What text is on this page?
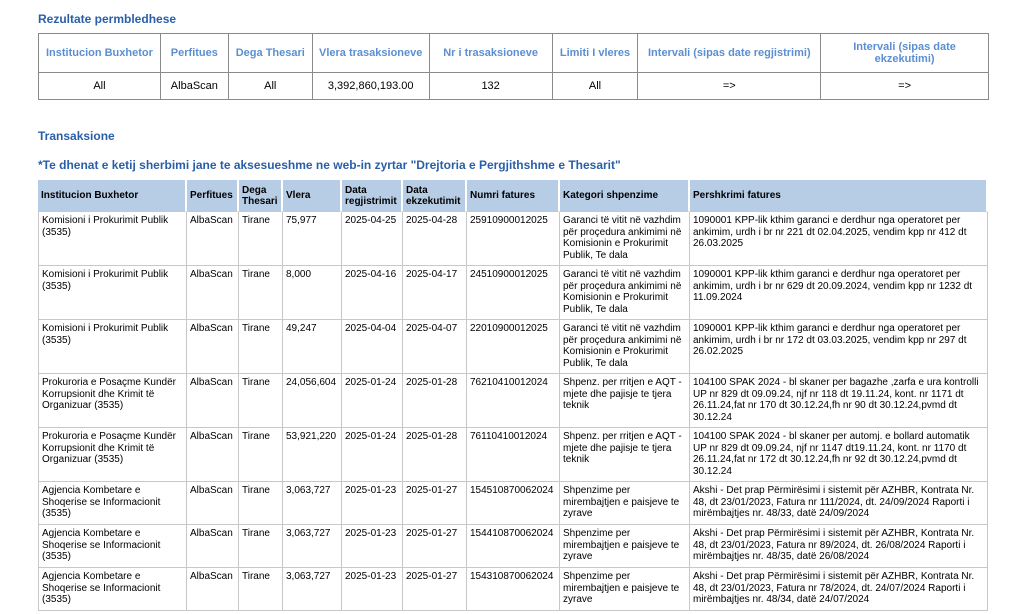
Rezultate permbledhese
Institucion Buxhetor	Perfitues	Dega Thesari	Vlera trasaksioneve	Nr i trasaksioneve	Limiti I vleres	Intervali (sipas date regjistrimi)	Intervali (sipas date ekzekutimi)
All	AlbaScan	All	3,392,860,193.00	132	All	=>	=>
Transaksione
*Te dhenat e ketij sherbimi jane te aksesueshme ne web-in zyrtar "Drejtoria e Pergjithshme e Thesarit"
Institucion Buxhetor	Perfitues	Dega Thesari	Vlera	Data regjistrimit	Data ekzekutimit	Numri fatures	Kategori shpenzime	Pershkrimi fatures
Komisioni i Prokurimit Publik (3535)	AlbaScan	Tirane	75,977	2025-04-25	2025-04-28	25910900012025	Garanci të vitit në vazhdim për proçedura ankimimi në Komisionin e Prokurimit Publik, Te dala	1090001 KPP-lik kthim garanci e derdhur nga operatoret per ankimim, urdh i br nr 221 dt 02.04.2025, vendim kpp nr 412 dt 26.03.2025
Komisioni i Prokurimit Publik (3535)	AlbaScan	Tirane	8,000	2025-04-16	2025-04-17	24510900012025	Garanci të vitit në vazhdim për proçedura ankimimi në Komisionin e Prokurimit Publik, Te dala	1090001 KPP-lik kthim garanci e derdhur nga operatoret per ankimim, urdh i br nr 629 dt 20.09.2024, vendim kpp nr 1232 dt 11.09.2024
Komisioni i Prokurimit Publik (3535)	AlbaScan	Tirane	49,247	2025-04-04	2025-04-07	22010900012025	Garanci të vitit në vazhdim për proçedura ankimimi në Komisionin e Prokurimit Publik, Te dala	1090001 KPP-lik kthim garanci e derdhur nga operatoret per ankimim, urdh i br nr 172 dt 03.03.2025, vendim kpp nr 297 dt 26.02.2025
Prokuroria e Posaçme Kundër Korrupsionit dhe Krimit të Organizuar (3535)	AlbaScan	Tirane	24,056,604	2025-01-24	2025-01-28	76210410012024	Shpenz. per rritjen e AQT - mjete dhe pajisje te tjera teknik	104100 SPAK 2024 - bl skaner per bagazhe ,zarfa e ura kontrolli UP nr 829 dt 09.09.24, njf nr 118 dt 19.11.24, kont. nr 1171 dt 26.11.24,fat nr 170 dt 30.12.24,fh nr 90 dt 30.12.24,pvmd dt 30.12.24
Prokuroria e Posaçme Kundër Korrupsionit dhe Krimit të Organizuar (3535)	AlbaScan	Tirane	53,921,220	2025-01-24	2025-01-28	76110410012024	Shpenz. per rritjen e AQT - mjete dhe pajisje te tjera teknik	104100 SPAK 2024 - bl skaner per automj. e bollard automatik UP nr 829 dt 09.09.24, njf nr 1147 dt19.11.24, kont. nr 1170 dt 26.11.24,fat nr 172 dt 30.12.24,fh nr 92 dt 30.12.24,pvmd dt 30.12.24
Agjencia Kombetare e Shoqerise se Informacionit (3535)	AlbaScan	Tirane	3,063,727	2025-01-23	2025-01-27	154510870062024	Shpenzime per mirembajtjen e paisjeve te zyrave	Akshi - Det prap Përmirësimi i sistemit për AZHBR, Kontrata Nr. 48, dt 23/01/2023, Fatura nr 111/2024, dt. 24/09/2024 Raporti i mirëmbajtjes nr. 48/33, datë 24/09/2024
Agjencia Kombetare e Shoqerise se Informacionit (3535)	AlbaScan	Tirane	3,063,727	2025-01-23	2025-01-27	154410870062024	Shpenzime per mirembajtjen e paisjeve te zyrave	Akshi - Det prap Përmirësimi i sistemit për AZHBR, Kontrata Nr. 48, dt 23/01/2023, Fatura nr 89/2024, dt. 26/08/2024 Raporti i mirëmbajtjes nr. 48/35, datë 26/08/2024
Agjencia Kombetare e Shoqerise se Informacionit (3535)	AlbaScan	Tirane	3,063,727	2025-01-23	2025-01-27	154310870062024	Shpenzime per mirembajtjen e paisjeve te zyrave	Akshi - Det prap Përmirësimi i sistemit për AZHBR, Kontrata Nr. 48, dt 23/01/2023, Fatura nr 78/2024, dt. 24/07/2024 Raporti i mirëmbajtjes nr. 48/34, datë 24/07/2024
